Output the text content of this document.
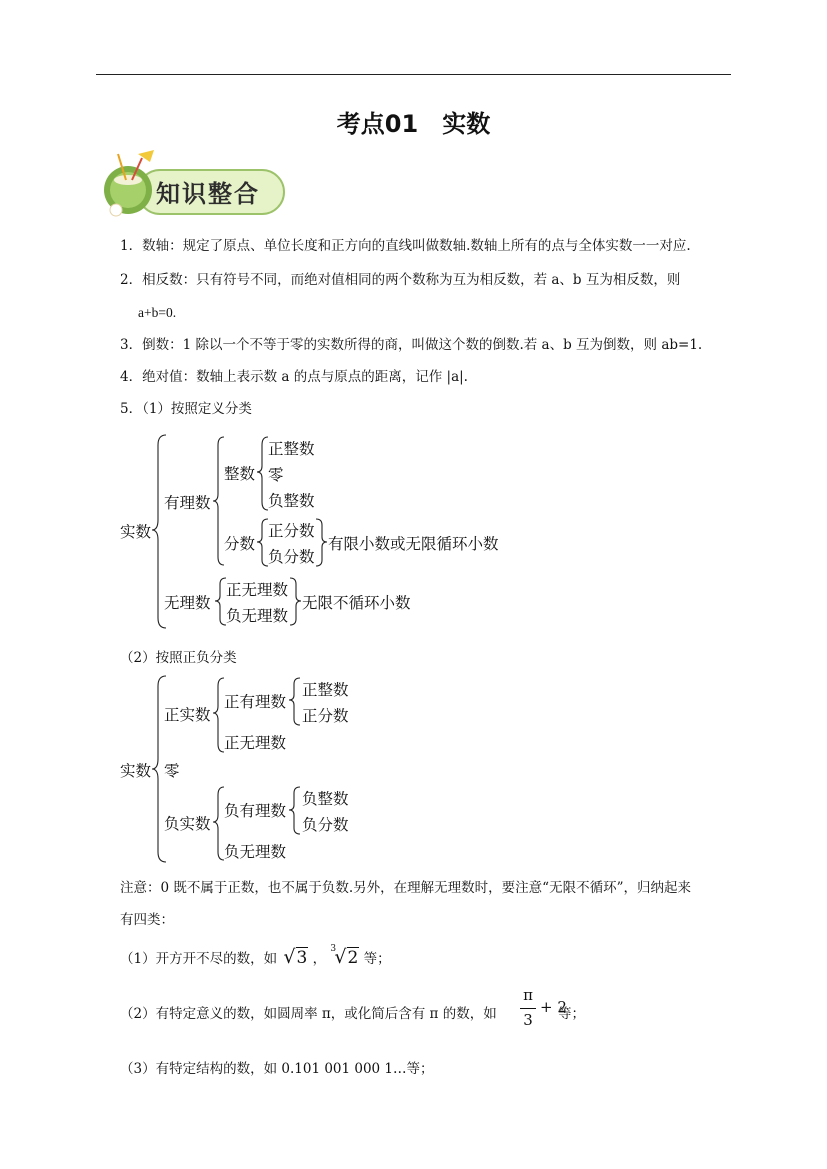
考点01　实数
知识整合
1．数轴：规定了原点、单位长度和正方向的直线叫做数轴.数轴上所有的点与全体实数一一对应.
2．相反数：只有符号不同，而绝对值相同的两个数称为互为相反数，若 a、b 互为相反数，则
a+b=0.
3．倒数：1 除以一个不等于零的实数所得的商，叫做这个数的倒数.若 a、b 互为倒数，则 ab=1.
4．绝对值：数轴上表示数 a 的点与原点的距离，记作 |a|.
5．（1）按照定义分类
实数
有理数
整数
正整数
零
负整数
分数
正分数
负分数
有限小数或无限循环小数
无理数
正无理数
负无理数
无限不循环小数
（2）按照正负分类
实数 零
正实数
正有理数
正整数
正分数
正无理数
负实数
负有理数
负整数
负分数
负无理数
注意：0 既不属于正数，也不属于负数.另外，在理解无理数时，要注意“无限不循环”，归纳起来
有四类：
（1）开方开不尽的数，如 √3 ，
3
√2 等；
（2）有特定意义的数，如圆周率 π，或化简后含有 π 的数，如
π
3
+ 2
等；
（3）有特定结构的数，如 0.101 001 000 1…等；
